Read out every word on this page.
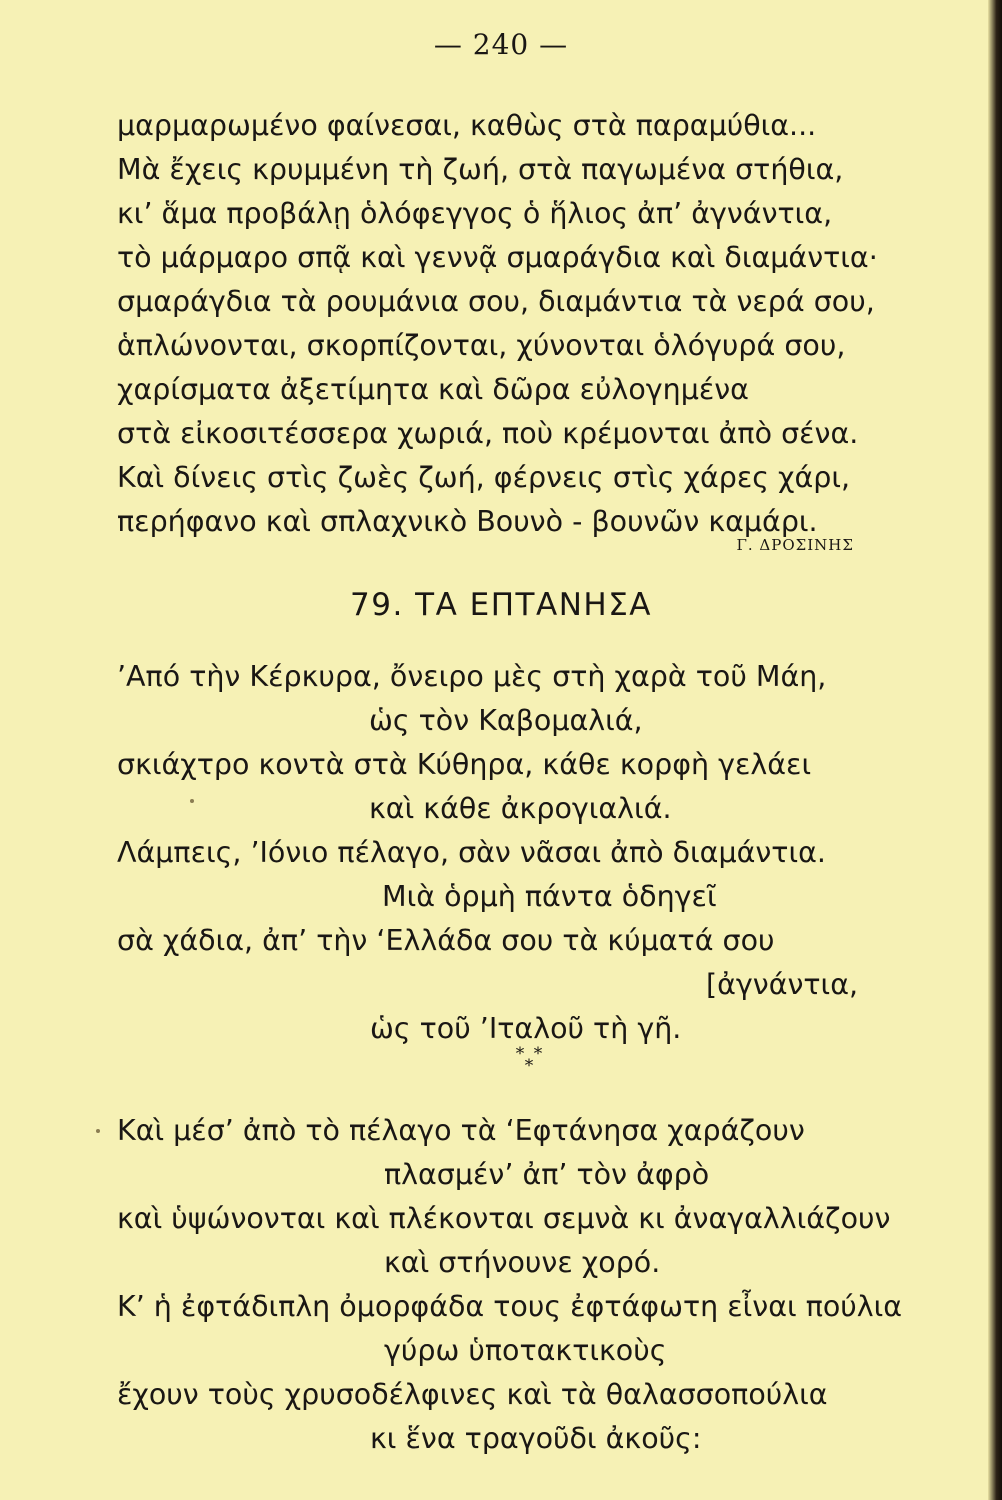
— 240 —
μαρμαρωμένο φαίνεσαι, καθὼς στὰ παραμύθια...
Μὰ ἔχεις κρυμμένη τὴ ζωή, στὰ παγωμένα στήθια,
κι’ ἅμα προβάλῃ ὁλόφεγγος ὁ ἥλιος ἀπ’ ἀγνάντια,
τὸ μάρμαρο σπᾷ καὶ γεννᾷ σμαράγδια καὶ διαμάντια·
σμαράγδια τὰ ρουμάνια σου, διαμάντια τὰ νερά σου,
ἁπλώνονται, σκορπίζονται, χύνονται ὁλόγυρά σου,
χαρίσματα ἀξετίμητα καὶ δῶρα εὐλογημένα
στὰ εἰκοσιτέσσερα χωριά, ποὺ κρέμονται ἀπὸ σένα.
Καὶ δίνεις στὶς ζωὲς ζωή, φέρνεις στὶς χάρες χάρι,
περήφανο καὶ σπλαχνικὸ Βουνὸ - βουνῶν καμάρι.
Γ. ΔΡΟΣΙΝΗΣ
79. ΤΑ ΕΠΤΑΝΗΣΑ
’Από τὴν Κέρκυρα, ὄνειρο μὲς στὴ χαρὰ τοῦ Μάη,
ὡς τὸν Καβομαλιά,
σκιάχτρο κοντὰ στὰ Κύθηρα, κάθε κορφὴ γελάει
καὶ κάθε ἀκρογιαλιά.
Λάμπεις, ’Ιόνιο πέλαγο, σὰν νᾶσαι ἀπὸ διαμάντια.
Μιὰ ὁρμὴ πάντα ὁδηγεῖ
σὰ χάδια, ἀπ’ τὴν ‘Ελλάδα σου τὰ κύματά σου
[ἀγνάντια,
ὡς τοῦ ’Ιταλοῦ τὴ γῆ.
* * *
Καὶ μέσ’ ἀπὸ τὸ πέλαγο τὰ ‘Εφτάνησα χαράζουν
πλασμέν’ ἀπ’ τὸν ἀφρὸ
καὶ ὑψώνονται καὶ πλέκονται σεμνὰ κι ἀναγαλλιάζουν
καὶ στήνουνε χορό.
Κ’ ἡ ἐφτάδιπλη ὀμορφάδα τους ἐφτάφωτη εἶναι πούλια
γύρω ὑποτακτικοὺς
ἔχουν τοὺς χρυσοδέλφινες καὶ τὰ θαλασσοπούλια
κι ἕνα τραγοῦδι ἀκοῦς:
